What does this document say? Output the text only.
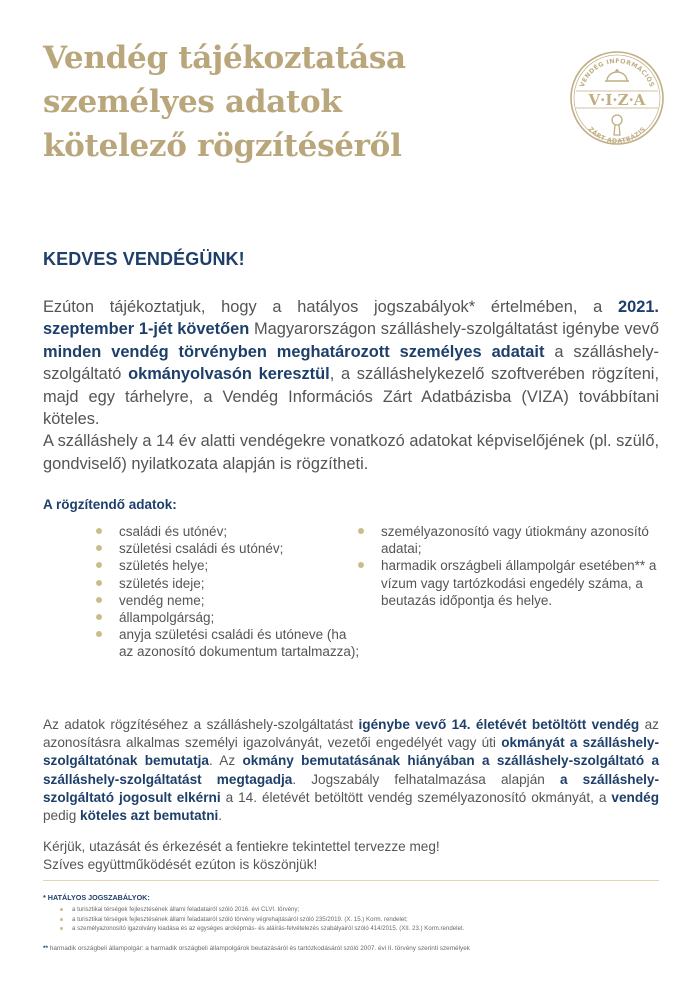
Vendég tájékoztatása
személyes adatok
kötelező rögzítéséről
VENDÉG INFORMÁCIÓS
ZÁRT ADATBÁZIS
V·I·Z·A
KEDVES VENDÉGÜNK!

Ezúton tájékoztatjuk, hogy a hatályos jogszabályok* értelmében, a 2021. szeptember 1-jét követően Magyarországon szálláshely-szolgáltatást igénybe vevő minden vendég törvényben meghatározott személyes adatait a szálláshely-szolgáltató okmányolvasón keresztül, a szálláshelykezelő szoftverében rögzíteni, majd egy tárhelyre, a Vendég Információs Zárt Adatbázisba (VIZA) továbbítani köteles.

A szálláshely a 14 év alatti vendégekre vonatkozó adatokat képviselőjének (pl. szülő, gondviselő) nyilatkozata alapján is rögzítheti.

A rögzítendő adatok:
családi és utónév;
születési családi és utónév;
születés helye;
születés ideje;
vendég neme;
állampolgárság;
anyja születési családi és utóneve (ha az azonosító dokumentum tartalmazza);
személyazonosító vagy útiokmány azonosító adatai;
harmadik országbeli állampolgár esetében** a vízum vagy tartózkodási engedély száma, a beutazás időpontja és helye.
Az adatok rögzítéséhez a szálláshely-szolgáltatást igénybe vevő 14. életévét betöltött vendég az azonosításra alkalmas személyi igazolványát, vezetői engedélyét vagy úti okmányát a szálláshely-szolgáltatónak bemutatja. Az okmány bemutatásának hiányában a szálláshely-szolgáltató a szálláshely-szolgáltatást megtagadja. Jogszabály felhatalmazása alapján a szálláshely-szolgáltató jogosult elkérni a 14. életévét betöltött vendég személyazonosító okmányát, a vendég pedig köteles azt bemutatni.

Kérjük, utazását és érkezését a fentiekre tekintettel tervezze meg!

Szíves együttműködését ezúton is köszönjük!

* HATÁLYOS JOGSZABÁLYOK:
a turisztikai térségek fejlesztésének állami feladatairól szóló 2016. évi CLVI. törvény;
a turisztikai térségek fejlesztésének állami feladatairól szóló törvény végrehajtásáról szóló 235/2019. (X. 15.) Korm. rendelet;
a személyazonosító igazolvány kiadása és az egységes arcképmás- és aláírás-felvételezés szabályairól szóló 414/2015. (XII. 23.) Korm.rendelet.
** harmadik országbeli állampolgár: a harmadik országbeli állampolgárok beutazásáról és tartózkodásáról szóló 2007. évi II. törvény szerinti személyek
